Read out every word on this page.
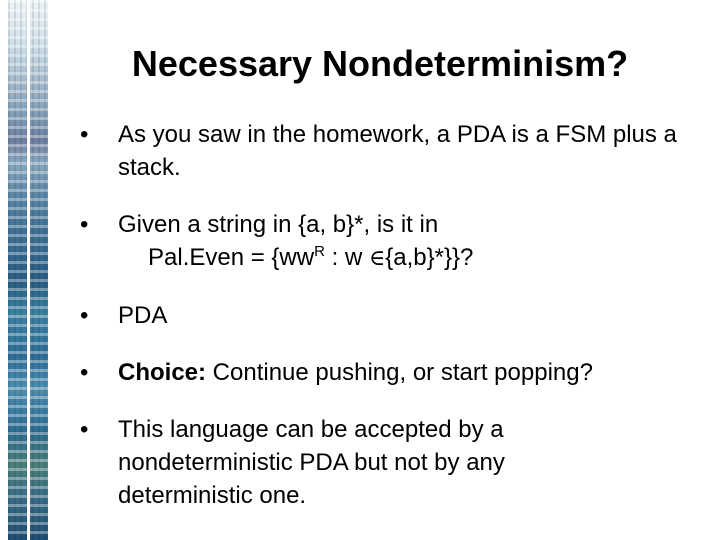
Necessary Nondeterminism?
• As you saw in the homework, a PDA is a FSM plus a stack.
• Given a string in {a, b}*, is it in
Pal.Even = {$ww^R$ : w ∈{a,b}*}}?
• PDA
• Choice: Continue pushing, or start popping?
• This language can be accepted by a nondeterministic PDA but not by any deterministic one.
